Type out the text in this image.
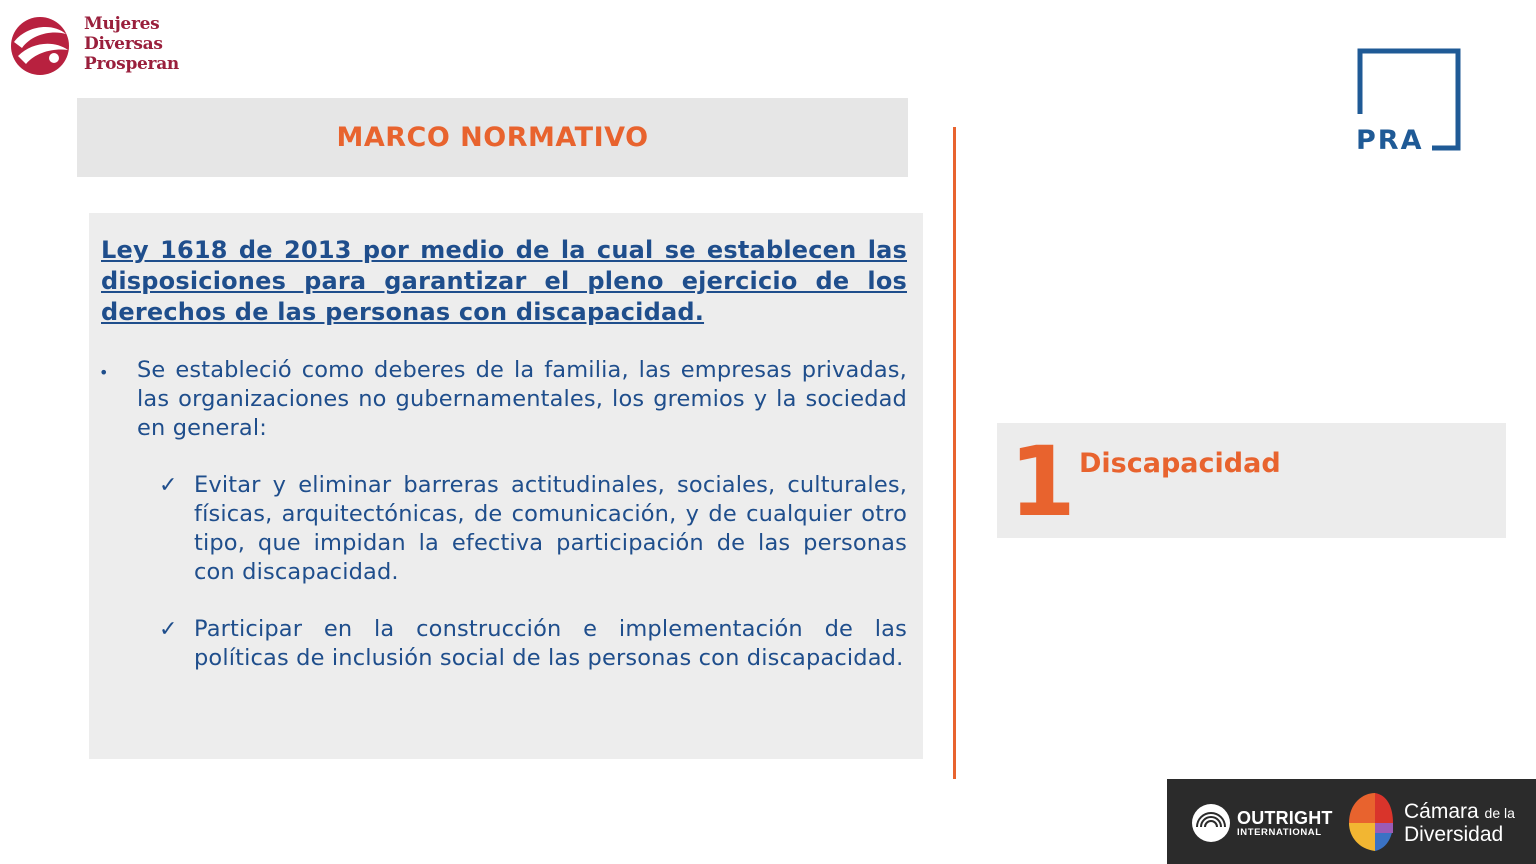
Mujeres
Diversas
Prosperan
MARCO NORMATIVO
Ley 1618 de 2013 por medio de la cual se establecen las disposiciones para garantizar el pleno ejercicio de los derechos de las personas con discapacidad.
• Se estableció como deberes de la familia, las empresas privadas, las organizaciones no gubernamentales, los gremios y la sociedad en general:
✓ Evitar y eliminar barreras actitudinales, sociales, culturales, físicas, arquitectónicas, de comunicación, y de cualquier otro tipo, que impidan la efectiva participación de las personas con discapacidad.
✓ Participar en la construcción e implementación de las políticas de inclusión social de las personas con discapacidad.
PRA
1 Discapacidad
OUTRIGHT
INTERNATIONAL
Cámara de la
Diversidad
